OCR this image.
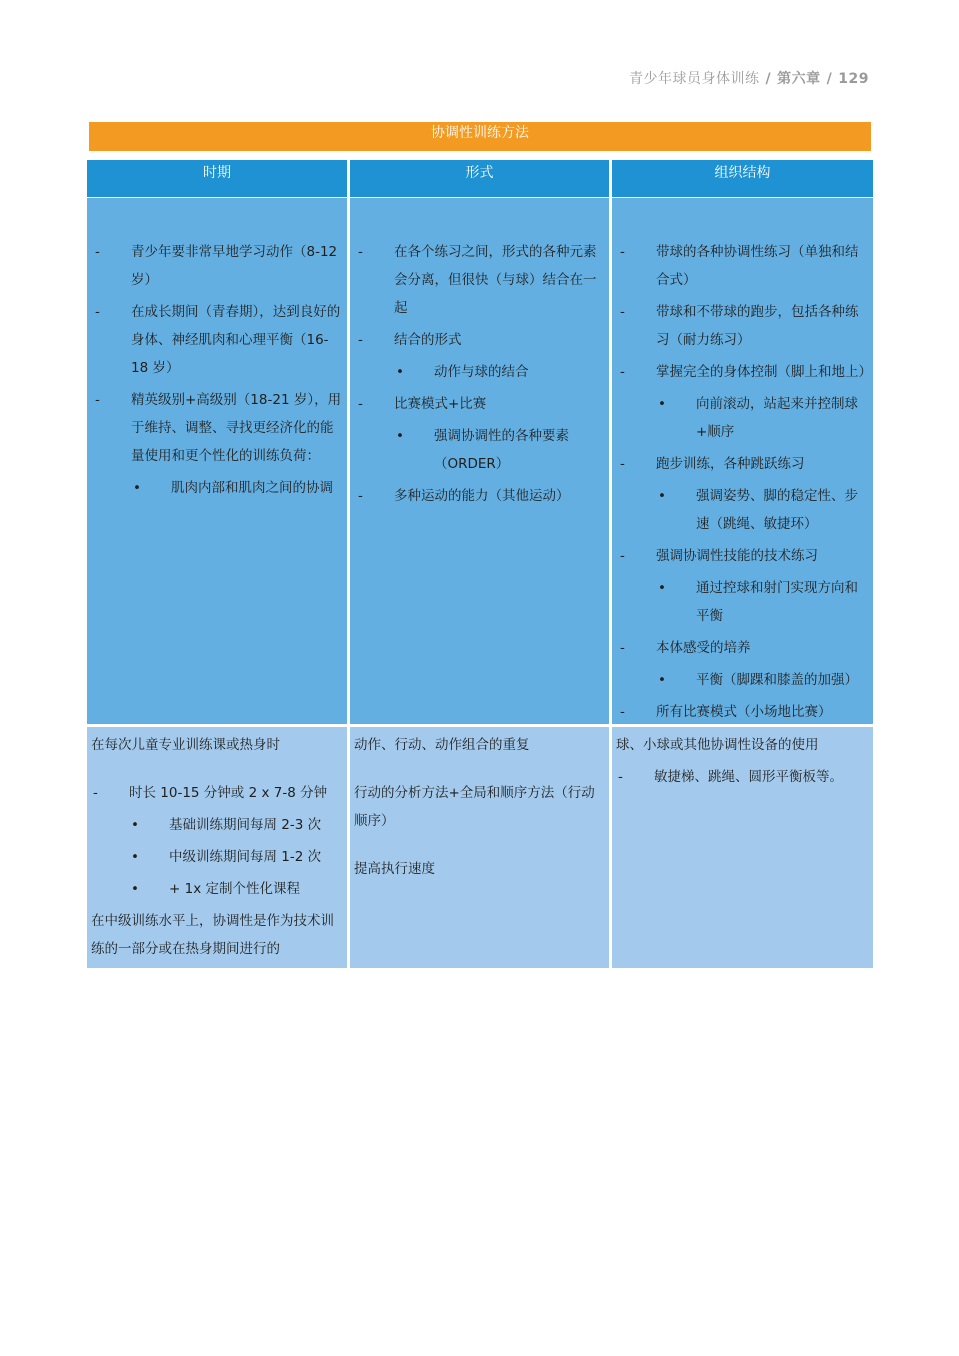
青少年球员身体训练 / 第六章 / 129
协调性训练方法
时期	形式	组织结构
- 青少年要非常早地学习动作（8-12 岁）
- 在成长期间（青春期），达到良好的身体、神经肌肉和心理平衡（16-18 岁）
- 精英级别+高级别（18-21 岁），用于维持、调整、寻找更经济化的能量使用和更个性化的训练负荷：
• 肌肉内部和肌肉之间的协调
- 在各个练习之间，形式的各种元素会分离，但很快（与球）结合在一起
- 结合的形式
• 动作与球的结合
- 比赛模式+比赛
• 强调协调性的各种要素（ORDER）
- 多种运动的能力（其他运动）
- 带球的各种协调性练习（单独和结合式）
- 带球和不带球的跑步，包括各种练习（耐力练习）
- 掌握完全的身体控制（脚上和地上）
• 向前滚动，站起来并控制球+顺序
- 跑步训练，各种跳跃练习
• 强调姿势、脚的稳定性、步速（跳绳、敏捷环）
- 强调协调性技能的技术练习
• 通过控球和射门实现方向和平衡
- 本体感受的培养
• 平衡（脚踝和膝盖的加强）
- 所有比赛模式（小场地比赛）
在每次儿童专业训练课或热身时
- 时长 10-15 分钟或 2 x 7-8 分钟
• 基础训练期间每周 2-3 次
• 中级训练期间每周 1-2 次
• + 1x 定制个性化课程
在中级训练水平上，协调性是作为技术训练的一部分或在热身期间进行的
动作、行动、动作组合的重复
行动的分析方法+全局和顺序方法（行动顺序）
提高执行速度
球、小球或其他协调性设备的使用
- 敏捷梯、跳绳、圆形平衡板等。
